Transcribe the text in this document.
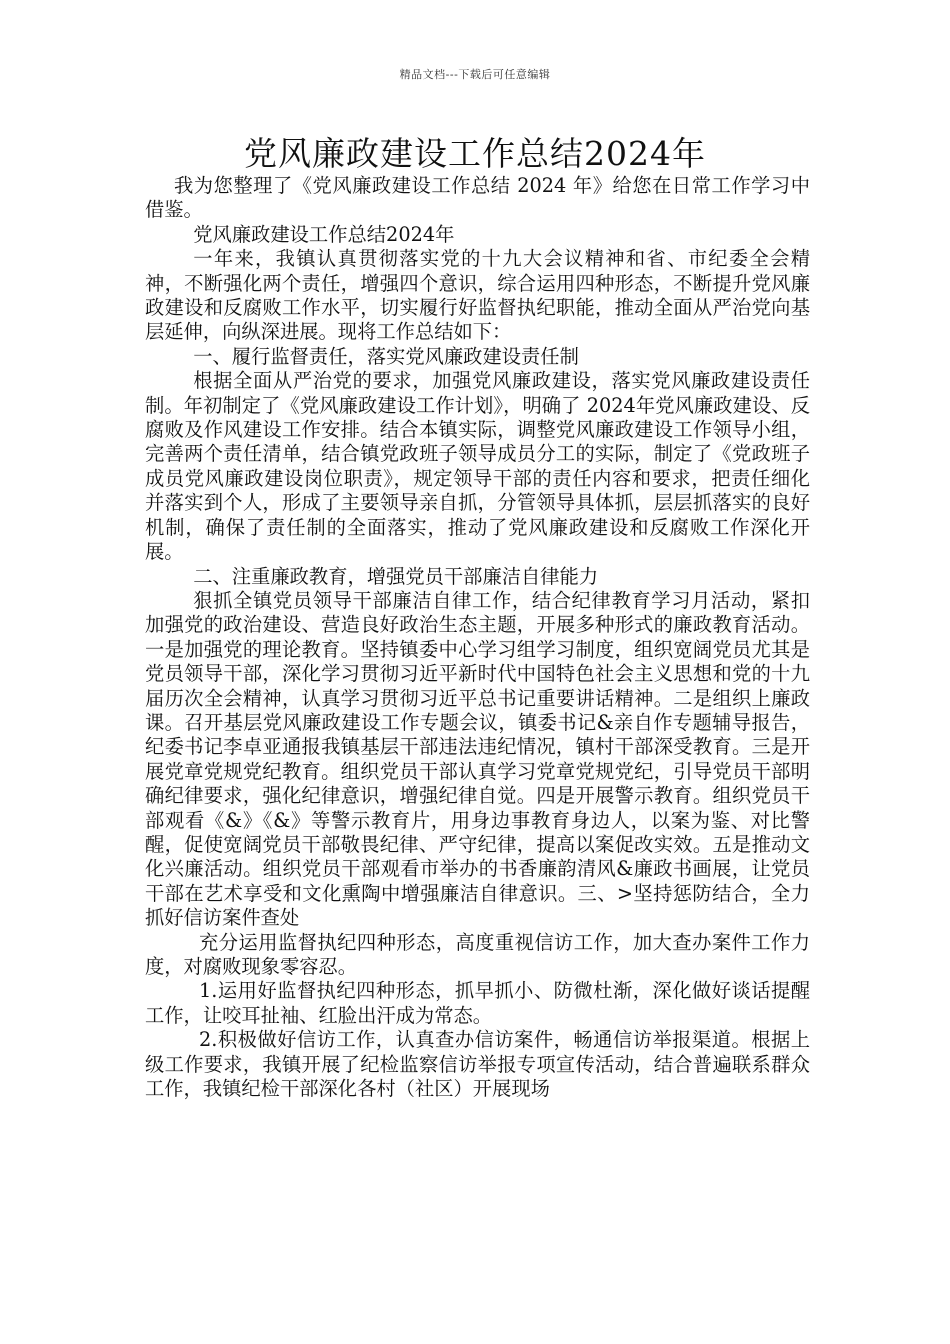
精品文档---下载后可任意编辑
党风廉政建设工作总结2024年

我为您整理了《党风廉政建设工作总结 2024 年》给您在日常工作学习中借鉴。

党风廉政建设工作总结2024年

一年来，我镇认真贯彻落实党的十九大会议精神和省、市纪委全会精神，不断强化两个责任，增强四个意识，综合运用四种形态，不断提升党风廉政建设和反腐败工作水平，切实履行好监督执纪职能，推动全面从严治党向基层延伸，向纵深进展。现将工作总结如下：

一、履行监督责任，落实党风廉政建设责任制

根据全面从严治党的要求，加强党风廉政建设，落实党风廉政建设责任制。年初制定了《党风廉政建设工作计划》，明确了 2024年党风廉政建设、反腐败及作风建设工作安排。结合本镇实际，调整党风廉政建设工作领导小组，完善两个责任清单，结合镇党政班子领导成员分工的实际，制定了《党政班子成员党风廉政建设岗位职责》，规定领导干部的责任内容和要求，把责任细化并落实到个人，形成了主要领导亲自抓，分管领导具体抓，层层抓落实的良好机制，确保了责任制的全面落实，推动了党风廉政建设和反腐败工作深化开展。

二、注重廉政教育，增强党员干部廉洁自律能力

狠抓全镇党员领导干部廉洁自律工作，结合纪律教育学习月活动，紧扣加强党的政治建设、营造良好政治生态主题，开展多种形式的廉政教育活动。一是加强党的理论教育。坚持镇委中心学习组学习制度，组织宽阔党员尤其是党员领导干部，深化学习贯彻习近平新时代中国特色社会主义思想和党的十九届历次全会精神，认真学习贯彻习近平总书记重要讲话精神。二是组织上廉政课。召开基层党风廉政建设工作专题会议，镇委书记&亲自作专题辅导报告，纪委书记李卓亚通报我镇基层干部违法违纪情况，镇村干部深受教育。三是开展党章党规党纪教育。组织党员干部认真学习党章党规党纪，引导党员干部明确纪律要求，强化纪律意识，增强纪律自觉。四是开展警示教育。组织党员干部观看《&》《&》等警示教育片，用身边事教育身边人，以案为鉴、对比警醒，促使宽阔党员干部敬畏纪律、严守纪律，提高以案促改实效。五是推动文化兴廉活动。组织党员干部观看市举办的书香廉韵清风&廉政书画展，让党员干部在艺术享受和文化熏陶中增强廉洁自律意识。三、>坚持惩防结合，全力抓好信访案件查处

充分运用监督执纪四种形态，高度重视信访工作，加大查办案件工作力度，对腐败现象零容忍。

1.运用好监督执纪四种形态，抓早抓小、防微杜渐，深化做好谈话提醒工作，让咬耳扯袖、红脸出汗成为常态。

2.积极做好信访工作，认真查办信访案件，畅通信访举报渠道。根据上级工作要求，我镇开展了纪检监察信访举报专项宣传活动，结合普遍联系群众工作，我镇纪检干部深化各村（社区）开展现场
